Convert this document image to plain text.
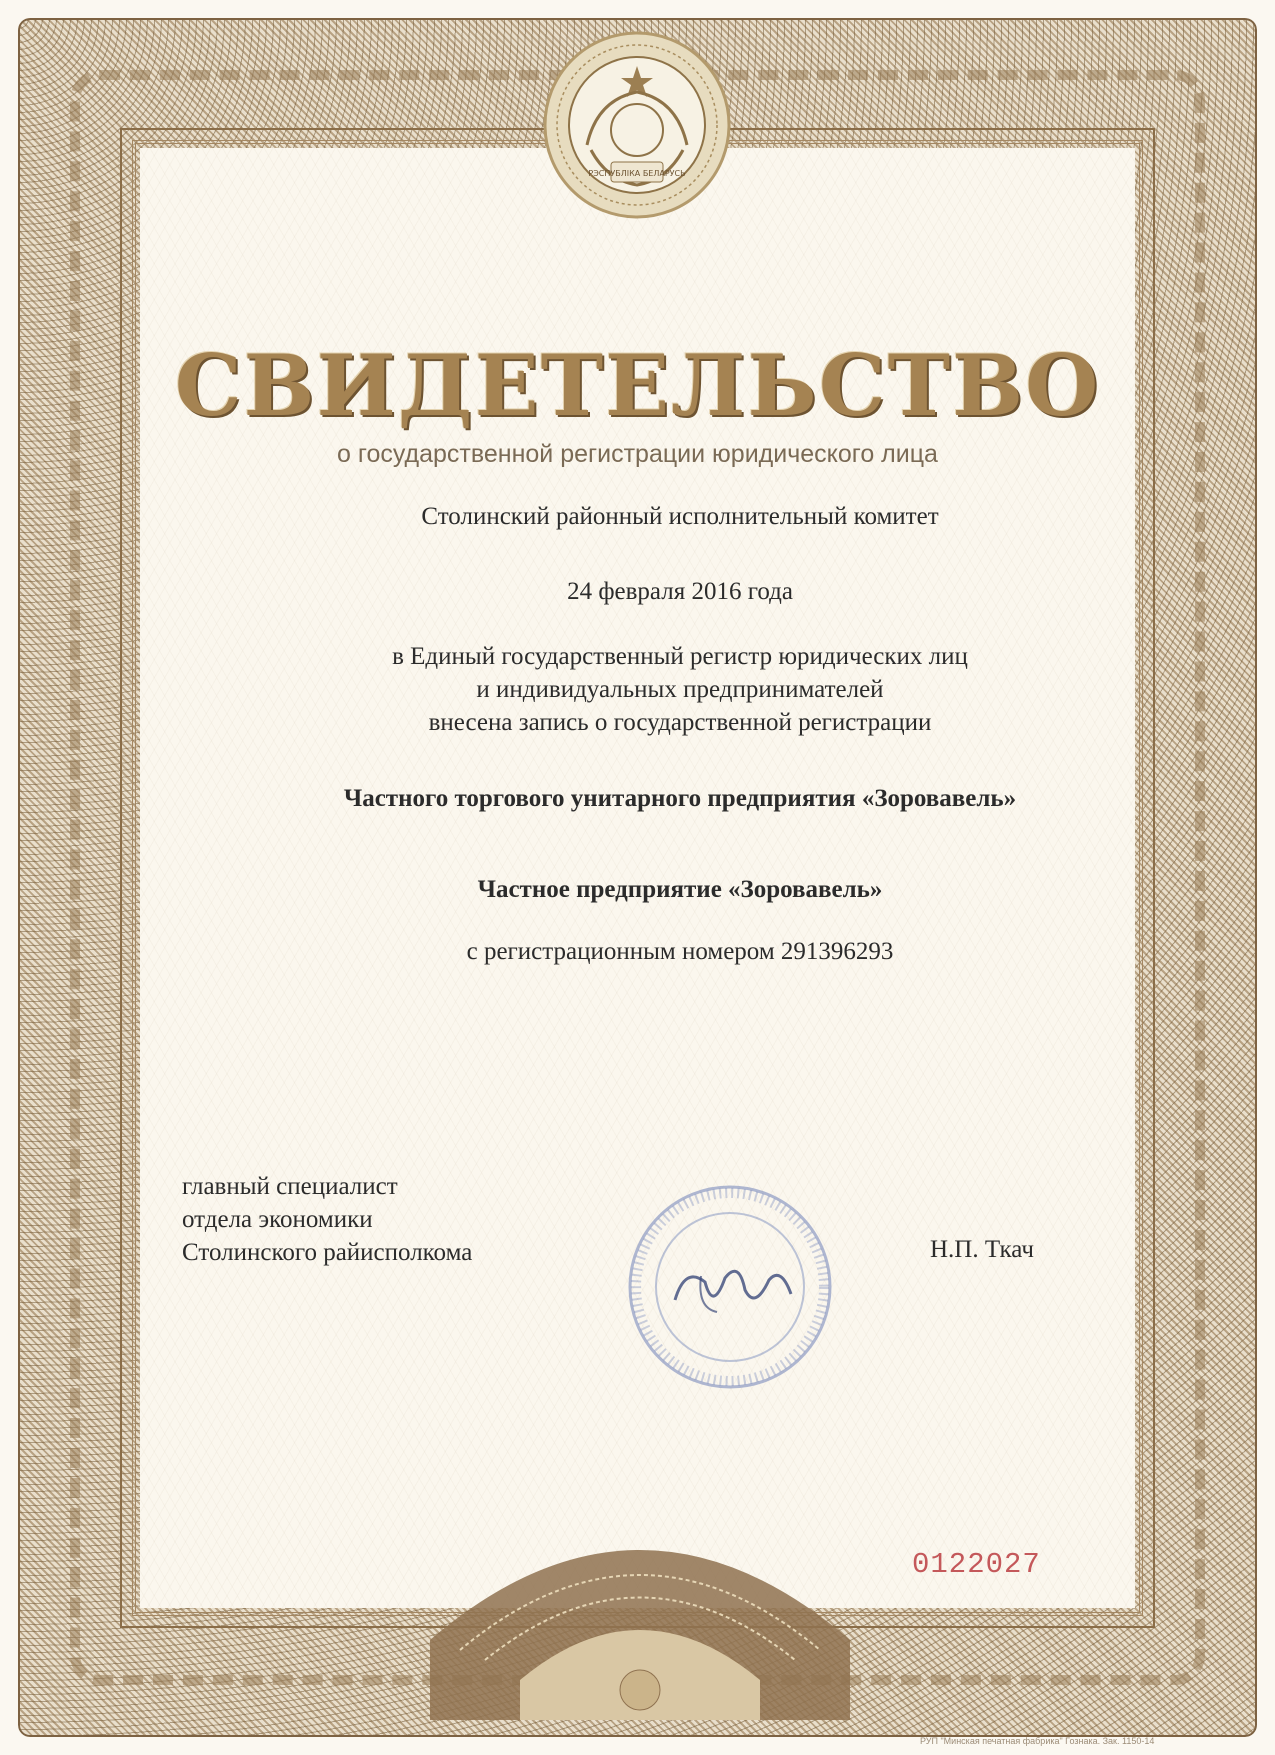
РЭСПУБЛІКА БЕЛАРУСЬ
СВИДЕТЕЛЬСТВО
о государственной регистрации юридического лица
Столинский районный исполнительный комитет
24 февраля 2016 года
в Единый государственный регистр юридических лиц
и индивидуальных предпринимателей
внесена запись о государственной регистрации
Частного торгового унитарного предприятия «Зоровавель»
Частное предприятие «Зоровавель»
с регистрационным номером 291396293
главный специалист
отдела экономики
Столинского райисполкома	Н.П. Ткач
0122027
РУП "Минская печатная фабрика" Гознака. Зак. 1150-14
